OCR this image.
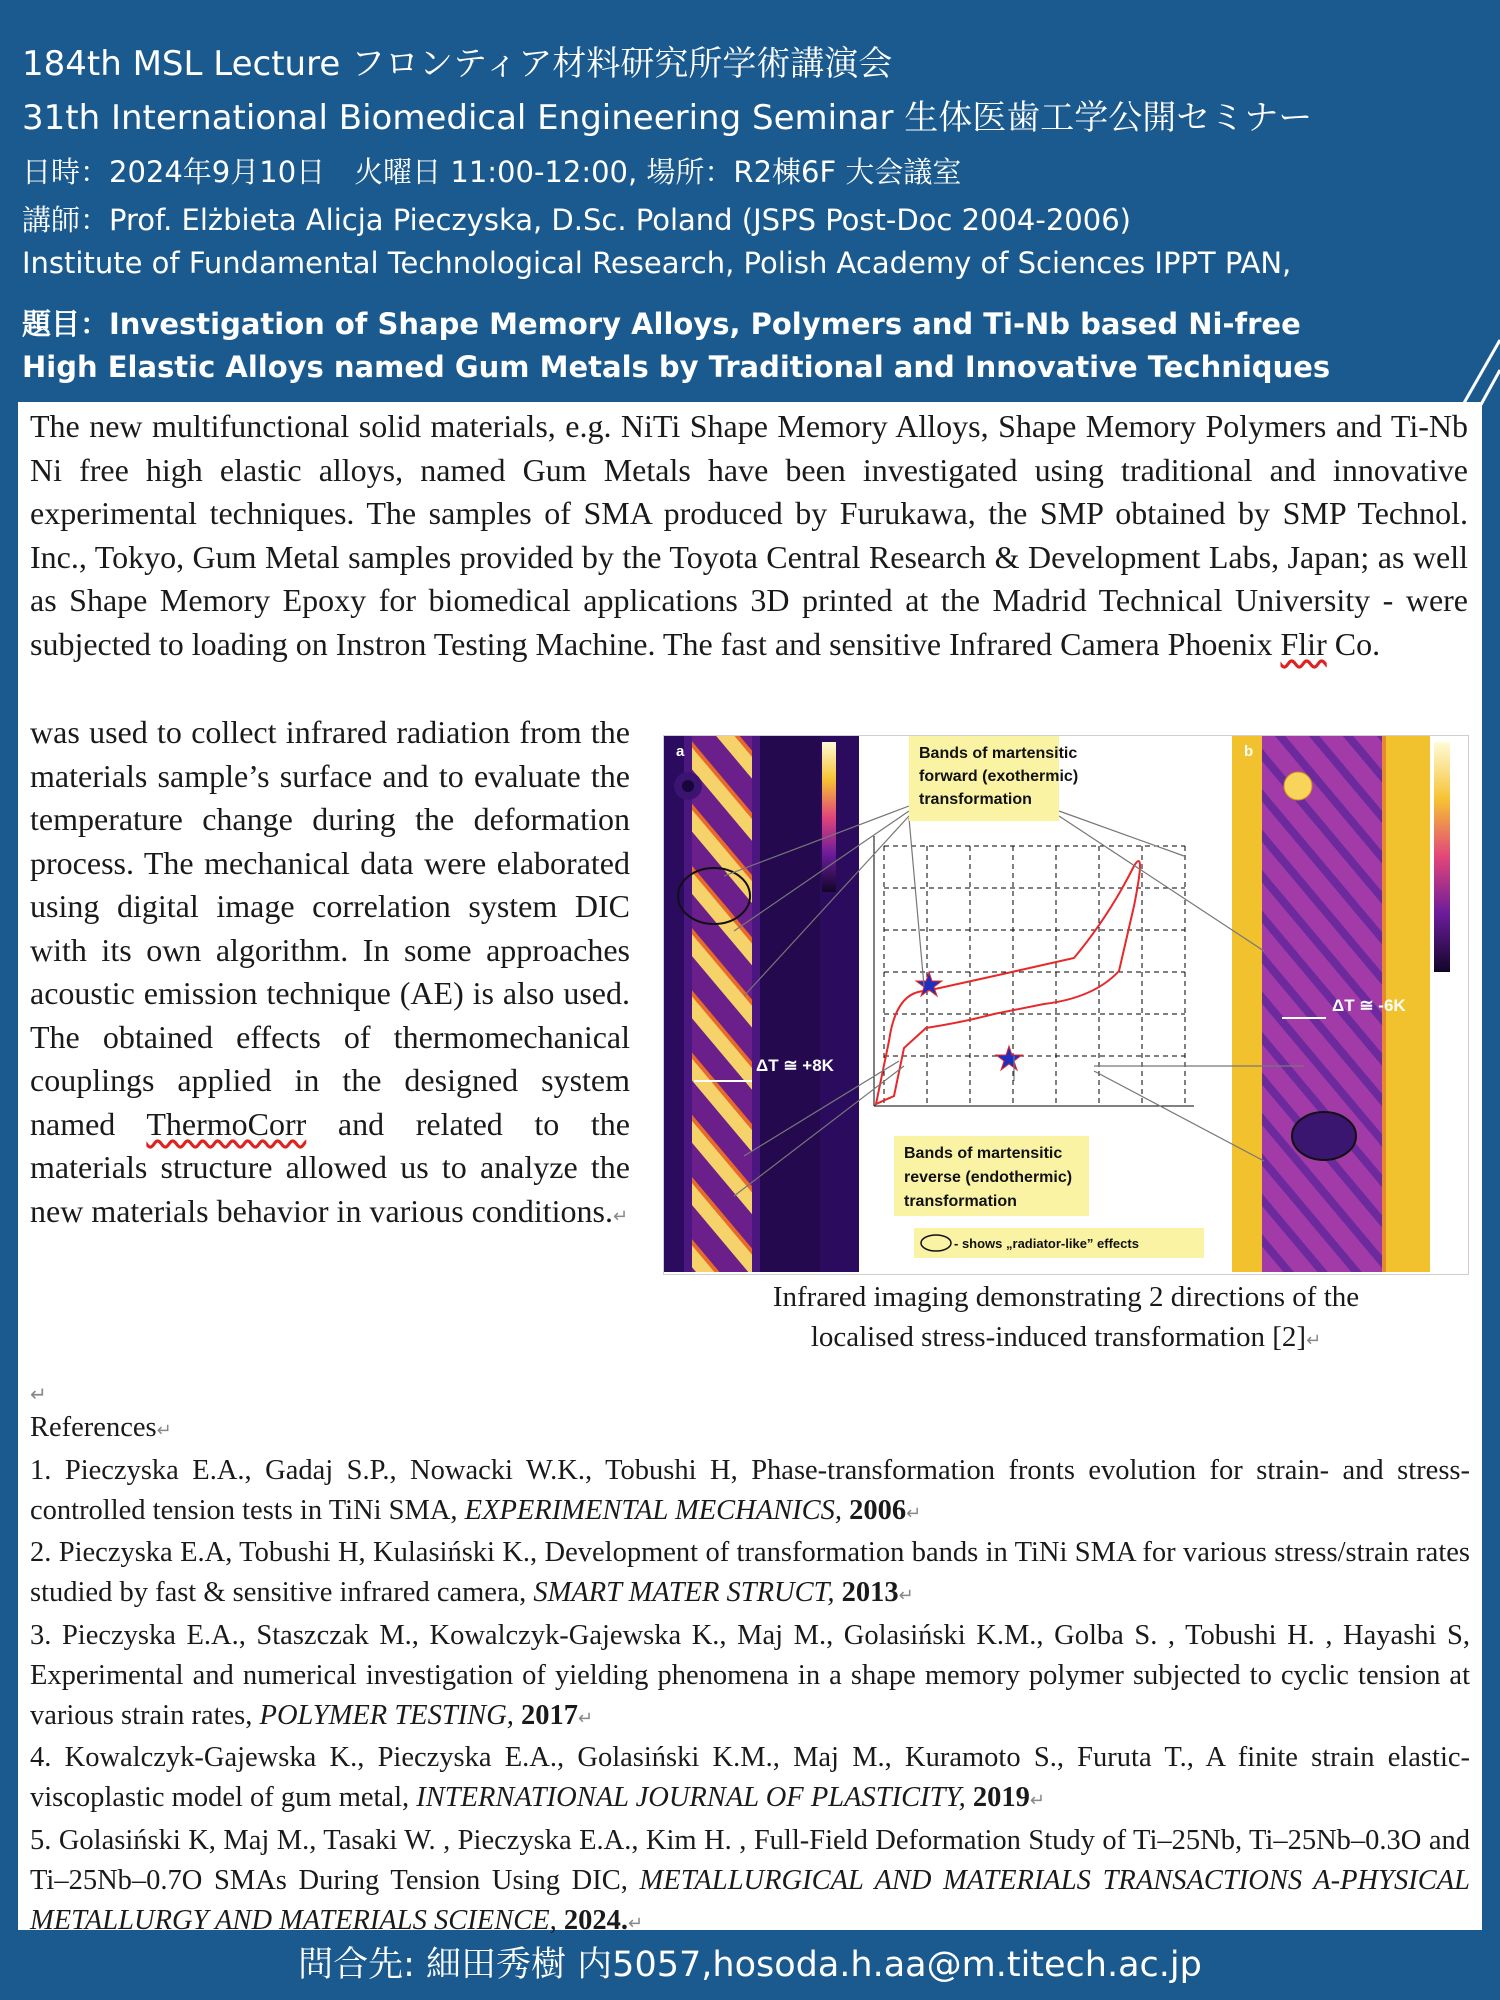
184th MSL Lecture フロンティア材料研究所学術講演会
31th International Biomedical Engineering Seminar 生体医歯工学公開セミナー
日時：2024年9月10日　火曜日 11:00-12:00, 場所：R2棟6F 大会議室
講師：Prof. Elżbieta Alicja Pieczyska, D.Sc. Poland (JSPS Post-Doc 2004-2006)
Institute of Fundamental Technological Research, Polish Academy of Sciences IPPT PAN,
題目：Investigation of Shape Memory Alloys, Polymers and Ti-Nb based Ni-free
High Elastic Alloys named Gum Metals by Traditional and Innovative Techniques
The new multifunctional solid materials, e.g. NiTi Shape Memory Alloys, Shape Memory Polymers and Ti-Nb Ni free high elastic alloys, named Gum Metals have been investigated using traditional and innovative experimental techniques. The samples of SMA produced by Furukawa, the SMP obtained by SMP Technol. Inc., Tokyo, Gum Metal samples provided by the Toyota Central Research & Development Labs, Japan; as well as Shape Memory Epoxy for biomedical applications 3D printed at the Madrid Technical University - were subjected to loading on Instron Testing Machine. The fast and sensitive Infrared Camera Phoenix Flir Co.
was used to collect infrared radiation from the materials sample’s surface and to evaluate the temperature change during the deformation process. The mechanical data were elaborated using digital image correlation system DIC with its own algorithm. In some approaches acoustic emission technique (AE) is also used. The obtained effects of thermomechanical couplings applied in the designed system named ThermoCorr and related to the materials structure allowed us to analyze the new materials behavior in various conditions.↵
a
ΔT ≅ +8K
b
ΔT ≅ -6K
Bands of martensitic
forward (exothermic)
transformation
Bands of martensitic
reverse (endothermic)
transformation
- shows „radiator-like” effects
Infrared imaging demonstrating 2 directions of the
localised stress-induced transformation [2]↵
↵
References↵
1. Pieczyska E.A., Gadaj S.P., Nowacki W.K., Tobushi H, Phase-transformation fronts evolution for strain- and stress- controlled tension tests in TiNi SMA, EXPERIMENTAL MECHANICS, 2006↵
2. Pieczyska E.A, Tobushi H, Kulasiński K., Development of transformation bands in TiNi SMA for various stress/strain rates studied by fast & sensitive infrared camera, SMART MATER STRUCT, 2013↵
3. Pieczyska E.A., Staszczak M., Kowalczyk-Gajewska K., Maj M., Golasiński K.M., Golba S. , Tobushi H. , Hayashi S, Experimental and numerical investigation of yielding phenomena in a shape memory polymer subjected to cyclic tension at various strain rates, POLYMER TESTING, 2017↵
4. Kowalczyk-Gajewska K., Pieczyska E.A., Golasiński K.M., Maj M., Kuramoto S., Furuta T., A finite strain elastic-viscoplastic model of gum metal, INTERNATIONAL JOURNAL OF PLASTICITY, 2019↵
5. Golasiński K, Maj M., Tasaki W. , Pieczyska E.A., Kim H. , Full-Field Deformation Study of Ti–25Nb, Ti–25Nb–0.3O and Ti–25Nb–0.7O SMAs During Tension Using DIC, METALLURGICAL AND MATERIALS TRANSACTIONS A-PHYSICAL METALLURGY AND MATERIALS SCIENCE, 2024.↵
問合先: 細田秀樹 内5057,hosoda.h.aa@m.titech.ac.jp
